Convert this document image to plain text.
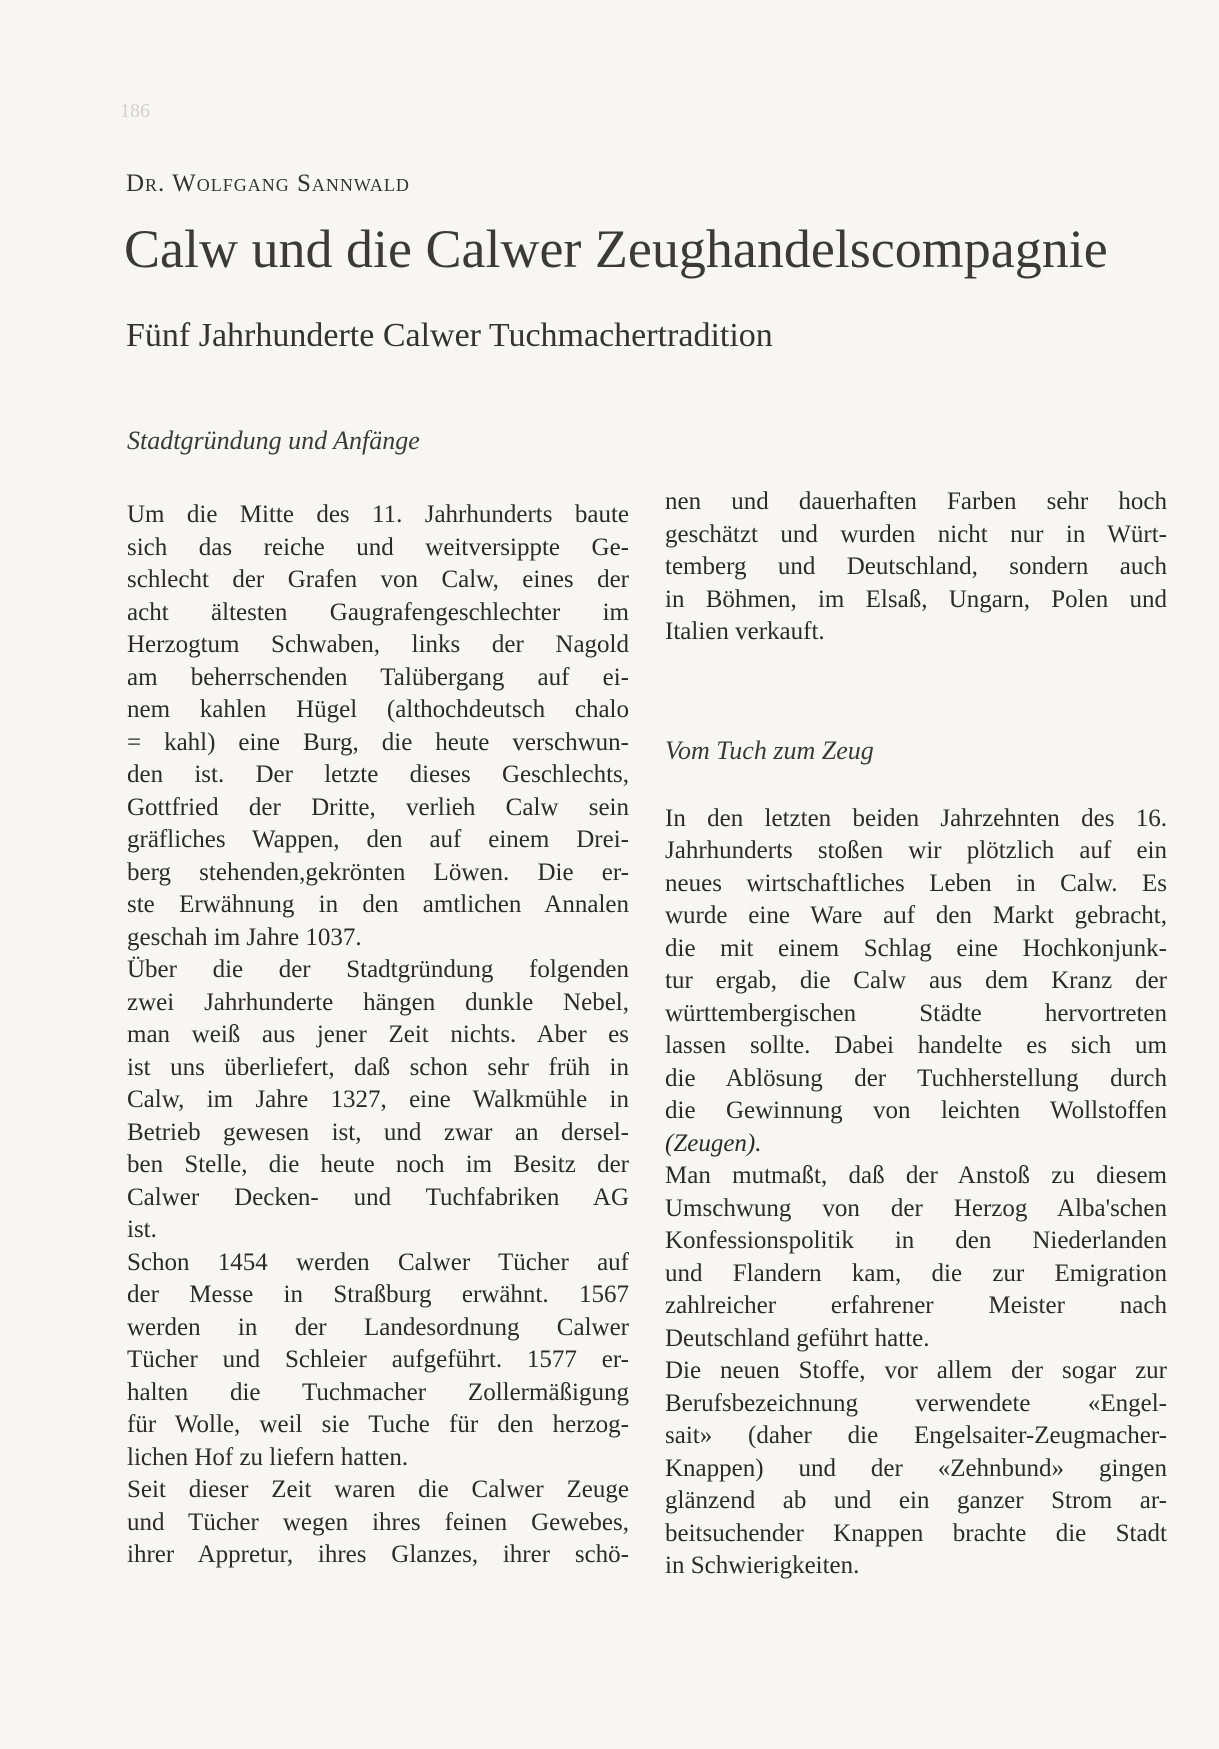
186
Dr. Wolfgang Sannwald
Calw und die Calwer Zeughandelscompagnie
Fünf Jahrhunderte Calwer Tuchmachertradition
Stadtgründung und Anfänge
Um die Mitte des 11. Jahrhunderts baute
sich das reiche und weitversippte Ge-
schlecht der Grafen von Calw, eines der
acht ältesten Gaugrafengeschlechter im
Herzogtum Schwaben, links der Nagold
am beherrschenden Talübergang auf ei-
nem kahlen Hügel (althochdeutsch chalo
= kahl) eine Burg, die heute verschwun-
den ist. Der letzte dieses Geschlechts,
Gottfried der Dritte, verlieh Calw sein
gräfliches Wappen, den auf einem Drei-
berg stehenden,gekrönten Löwen. Die er-
ste Erwähnung in den amtlichen Annalen
geschah im Jahre 1037.
Über die der Stadtgründung folgenden
zwei Jahrhunderte hängen dunkle Nebel,
man weiß aus jener Zeit nichts. Aber es
ist uns überliefert, daß schon sehr früh in
Calw, im Jahre 1327, eine Walkmühle in
Betrieb gewesen ist, und zwar an dersel-
ben Stelle, die heute noch im Besitz der
Calwer Decken- und Tuchfabriken AG
ist.
Schon 1454 werden Calwer Tücher auf
der Messe in Straßburg erwähnt. 1567
werden in der Landesordnung Calwer
Tücher und Schleier aufgeführt. 1577 er-
halten die Tuchmacher Zollermäßigung
für Wolle, weil sie Tuche für den herzog-
lichen Hof zu liefern hatten.
Seit dieser Zeit waren die Calwer Zeuge
und Tücher wegen ihres feinen Gewebes,
ihrer Appretur, ihres Glanzes, ihrer schö-
nen und dauerhaften Farben sehr hoch
geschätzt und wurden nicht nur in Würt-
temberg und Deutschland, sondern auch
in Böhmen, im Elsaß, Ungarn, Polen und
Italien verkauft.
Vom Tuch zum Zeug
In den letzten beiden Jahrzehnten des 16.
Jahrhunderts stoßen wir plötzlich auf ein
neues wirtschaftliches Leben in Calw. Es
wurde eine Ware auf den Markt gebracht,
die mit einem Schlag eine Hochkonjunk-
tur ergab, die Calw aus dem Kranz der
württembergischen Städte hervortreten
lassen sollte. Dabei handelte es sich um
die Ablösung der Tuchherstellung durch
die Gewinnung von leichten Wollstoffen
(Zeugen).
Man mutmaßt, daß der Anstoß zu diesem
Umschwung von der Herzog Alba'schen
Konfessionspolitik in den Niederlanden
und Flandern kam, die zur Emigration
zahlreicher erfahrener Meister nach
Deutschland geführt hatte.
Die neuen Stoffe, vor allem der sogar zur
Berufsbezeichnung verwendete «Engel-
sait» (daher die Engelsaiter-Zeugmacher-
Knappen) und der «Zehnbund» gingen
glänzend ab und ein ganzer Strom ar-
beitsuchender Knappen brachte die Stadt
in Schwierigkeiten.
